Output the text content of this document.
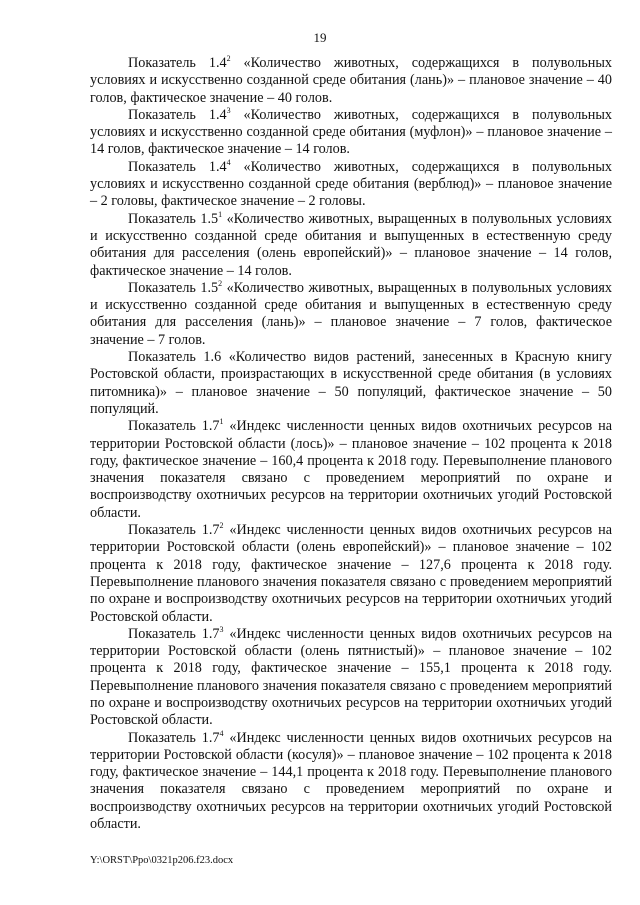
19

Показатель $1.4^2$ «Количество животных, содержащихся в полувольных условиях и искусственно созданной среде обитания (лань)» – плановое значение – 40 голов, фактическое значение – 40 голов.

Показатель $1.4^3$ «Количество животных, содержащихся в полувольных условиях и искусственно созданной среде обитания (муфлон)» – плановое значение – 14 голов, фактическое значение – 14 голов.

Показатель $1.4^4$ «Количество животных, содержащихся в полувольных условиях и искусственно созданной среде обитания (верблюд)» – плановое значение – 2 головы, фактическое значение – 2 головы.

Показатель $1.5^1$ «Количество животных, выращенных в полувольных условиях и искусственно созданной среде обитания и выпущенных в естественную среду обитания для расселения (олень европейский)» – плановое значение – 14 голов, фактическое значение – 14 голов.

Показатель $1.5^2$ «Количество животных, выращенных в полувольных условиях и искусственно созданной среде обитания и выпущенных в естественную среду обитания для расселения (лань)» – плановое значение – 7 голов, фактическое значение – 7 голов.

Показатель 1.6 «Количество видов растений, занесенных в Красную книгу Ростовской области, произрастающих в искусственной среде обитания (в условиях питомника)» – плановое значение – 50 популяций, фактическое значение – 50 популяций.

Показатель $1.7^1$ «Индекс численности ценных видов охотничьих ресурсов на территории Ростовской области (лось)» – плановое значение – 102 процента к 2018 году, фактическое значение – 160,4 процента к 2018 году. Перевыполнение планового значения показателя связано с проведением мероприятий по охране и воспроизводству охотничьих ресурсов на территории охотничьих угодий Ростовской области.

Показатель $1.7^2$ «Индекс численности ценных видов охотничьих ресурсов на территории Ростовской области (олень европейский)» – плановое значение – 102 процента к 2018 году, фактическое значение – 127,6 процента к 2018 году. Перевыполнение планового значения показателя связано с проведением мероприятий по охране и воспроизводству охотничьих ресурсов на территории охотничьих угодий Ростовской области.

Показатель $1.7^3$ «Индекс численности ценных видов охотничьих ресурсов на территории Ростовской области (олень пятнистый)» – плановое значение – 102 процента к 2018 году, фактическое значение – 155,1 процента к 2018 году. Перевыполнение планового значения показателя связано с проведением мероприятий по охране и воспроизводству охотничьих ресурсов на территории охотничьих угодий Ростовской области.

Показатель $1.7^4$ «Индекс численности ценных видов охотничьих ресурсов на территории Ростовской области (косуля)» – плановое значение – 102 процента к 2018 году, фактическое значение – 144,1 процента к 2018 году. Перевыполнение планового значения показателя связано с проведением мероприятий по охране и воспроизводству охотничьих ресурсов на территории охотничьих угодий Ростовской области.

Y:\ORST\Ppo\0321p206.f23.docx
